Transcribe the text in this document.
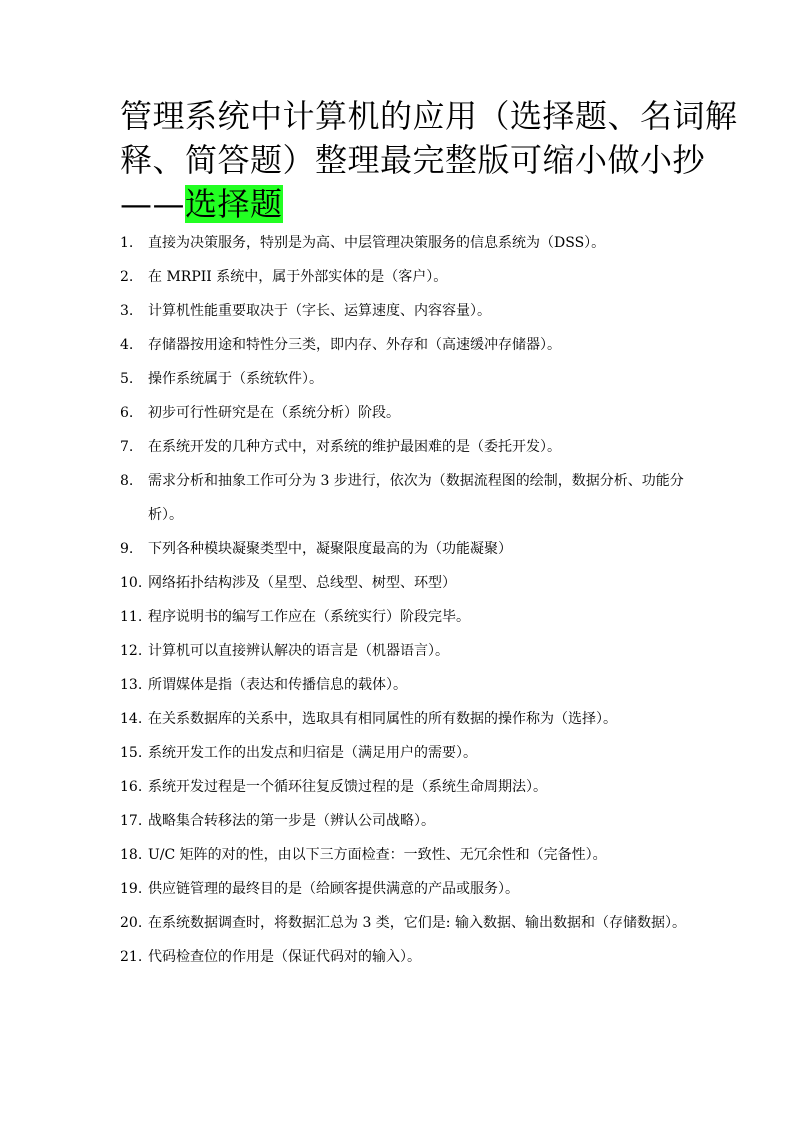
管理系统中计算机的应用（选择题、名词解
释、简答题）整理最完整版可缩小做小抄
——选择题
1.	直接为决策服务，特别是为高、中层管理决策服务的信息系统为（DSS）。
2.	在 MRPII 系统中，属于外部实体的是（客户）。
3.	计算机性能重要取决于（字长、运算速度、内容容量）。
4.	存储器按用途和特性分三类，即内存、外存和（高速缓冲存储器）。
5.	操作系统属于（系统软件）。
6.	初步可行性研究是在（系统分析）阶段。
7.	在系统开发的几种方式中，对系统的维护最困难的是（委托开发）。
8.	需求分析和抽象工作可分为 3 步进行，依次为（数据流程图的绘制，数据分析、功能分析）。
9.	下列各种模块凝聚类型中，凝聚限度最高的为（功能凝聚）
10. 网络拓扑结构涉及（星型、总线型、树型、环型）
11. 程序说明书的编写工作应在（系统实行）阶段完毕。
12. 计算机可以直接辨认解决的语言是（机器语言）。
13. 所谓媒体是指（表达和传播信息的载体）。
14. 在关系数据库的关系中，选取具有相同属性的所有数据的操作称为（选择）。
15. 系统开发工作的出发点和归宿是（满足用户的需要）。
16. 系统开发过程是一个循环往复反馈过程的是（系统生命周期法）。
17. 战略集合转移法的第一步是（辨认公司战略）。
18. U/C 矩阵的对的性，由以下三方面检查：一致性、无冗余性和（完备性）。
19. 供应链管理的最终目的是（给顾客提供满意的产品或服务）。
20. 在系统数据调查时，将数据汇总为 3 类，它们是: 输入数据、输出数据和（存储数据）。
21. 代码检查位的作用是（保证代码对的输入）。
